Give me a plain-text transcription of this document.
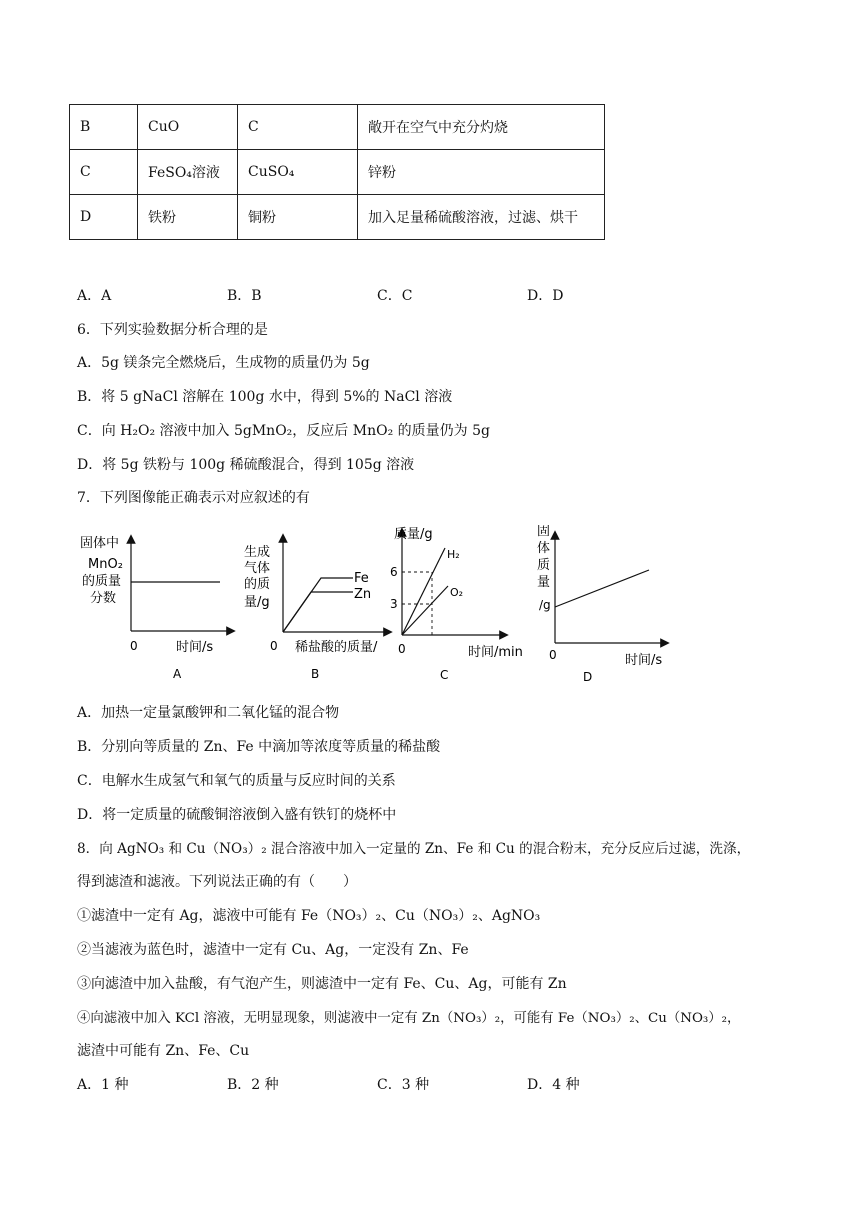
B	CuO	C	敞开在空气中充分灼烧
C	FeSO₄溶液	CuSO₄	锌粉
D	铁粉	铜粉	加入足量稀硫酸溶液，过滤、烘干
A．A	B．B	C．C	D．D
6．下列实验数据分析合理的是
A．5g 镁条完全燃烧后，生成物的质量仍为 5g
B．将 5 gNaCl 溶解在 100g 水中，得到 5%的 NaCl 溶液
C．向 H₂O₂ 溶液中加入 5gMnO₂，反应后 MnO₂ 的质量仍为 5g
D．将 5g 铁粉与 100g 稀硫酸混合，得到 105g 溶液
7．下列图像能正确表示对应叙述的有
固体中
MnO₂
的质量
分数
0	时间/s
A
Fe
Zn
生成
气体
的质
量/g
0 稀盐酸的质量/
B
质量/g
6
3
H₂
O₂
0	时间/min
C
固
体
质
量
/g
0	时间/s
D
A．加热一定量氯酸钾和二氧化锰的混合物
B．分别向等质量的 Zn、Fe 中滴加等浓度等质量的稀盐酸
C．电解水生成氢气和氧气的质量与反应时间的关系
D．将一定质量的硫酸铜溶液倒入盛有铁钉的烧杯中
8．向 AgNO₃ 和 Cu（NO₃）₂ 混合溶液中加入一定量的 Zn、Fe 和 Cu 的混合粉末，充分反应后过滤，洗涤，
得到滤渣和滤液。下列说法正确的有（　　）
①滤渣中一定有 Ag，滤液中可能有 Fe（NO₃）₂、Cu（NO₃）₂、AgNO₃
②当滤液为蓝色时，滤渣中一定有 Cu、Ag，一定没有 Zn、Fe
③向滤渣中加入盐酸，有气泡产生，则滤渣中一定有 Fe、Cu、Ag，可能有 Zn
④向滤液中加入 KCl 溶液，无明显现象，则滤液中一定有 Zn（NO₃）₂，可能有 Fe（NO₃）₂、Cu（NO₃）₂，
滤渣中可能有 Zn、Fe、Cu
A．1 种	B．2 种	C．3 种	D．4 种
